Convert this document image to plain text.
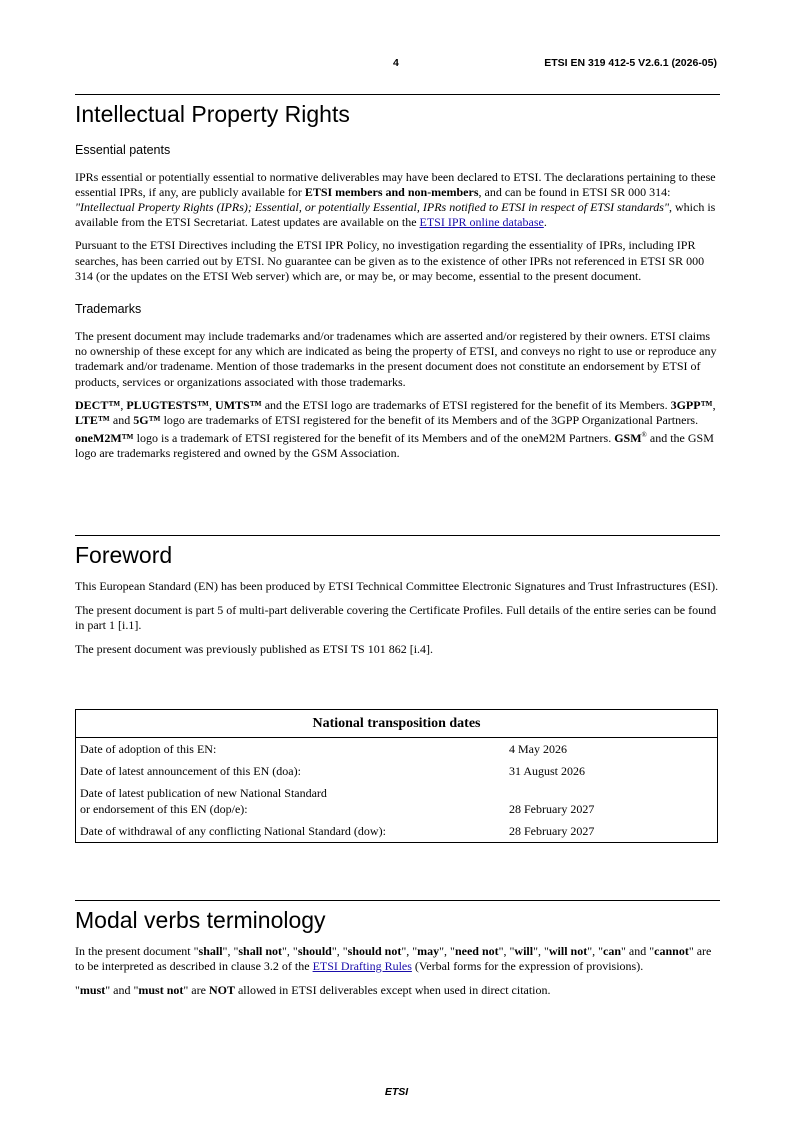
4	ETSI EN 319 412-5 V2.6.1 (2026-05)
Intellectual Property Rights
Essential patents

IPRs essential or potentially essential to normative deliverables may have been declared to ETSI. The declarations pertaining to these essential IPRs, if any, are publicly available for ETSI members and non-members, and can be found in ETSI SR 000 314: "Intellectual Property Rights (IPRs); Essential, or potentially Essential, IPRs notified to ETSI in respect of ETSI standards", which is available from the ETSI Secretariat. Latest updates are available on the ETSI IPR online database.

Pursuant to the ETSI Directives including the ETSI IPR Policy, no investigation regarding the essentiality of IPRs, including IPR searches, has been carried out by ETSI. No guarantee can be given as to the existence of other IPRs not referenced in ETSI SR 000 314 (or the updates on the ETSI Web server) which are, or may be, or may become, essential to the present document.

Trademarks

The present document may include trademarks and/or tradenames which are asserted and/or registered by their owners. ETSI claims no ownership of these except for any which are indicated as being the property of ETSI, and conveys no right to use or reproduce any trademark and/or tradename. Mention of those trademarks in the present document does not constitute an endorsement by ETSI of products, services or organizations associated with those trademarks.

DECT™, PLUGTESTS™, UMTS™ and the ETSI logo are trademarks of ETSI registered for the benefit of its Members. 3GPP™, LTE™ and 5G™ logo are trademarks of ETSI registered for the benefit of its Members and of the 3GPP Organizational Partners. oneM2M™ logo is a trademark of ETSI registered for the benefit of its Members and of the oneM2M Partners. GSM® and the GSM logo are trademarks registered and owned by the GSM Association.

Foreword

This European Standard (EN) has been produced by ETSI Technical Committee Electronic Signatures and Trust Infrastructures (ESI).

The present document is part 5 of multi-part deliverable covering the Certificate Profiles. Full details of the entire series can be found in part 1 [i.1].

The present document was previously published as ETSI TS 101 862 [i.4].

National transposition dates	
Date of adoption of this EN:	4 May 2026
Date of latest announcement of this EN (doa):	31 August 2026
Date of latest publication of new National Standard
or endorsement of this EN (dop/e):	28 February 2027
Date of withdrawal of any conflicting National Standard (dow):	28 February 2027
Modal verbs terminology

In the present document "shall", "shall not", "should", "should not", "may", "need not", "will", "will not", "can" and "cannot" are to be interpreted as described in clause 3.2 of the ETSI Drafting Rules (Verbal forms for the expression of provisions).

"must" and "must not" are NOT allowed in ETSI deliverables except when used in direct citation.

ETSI
